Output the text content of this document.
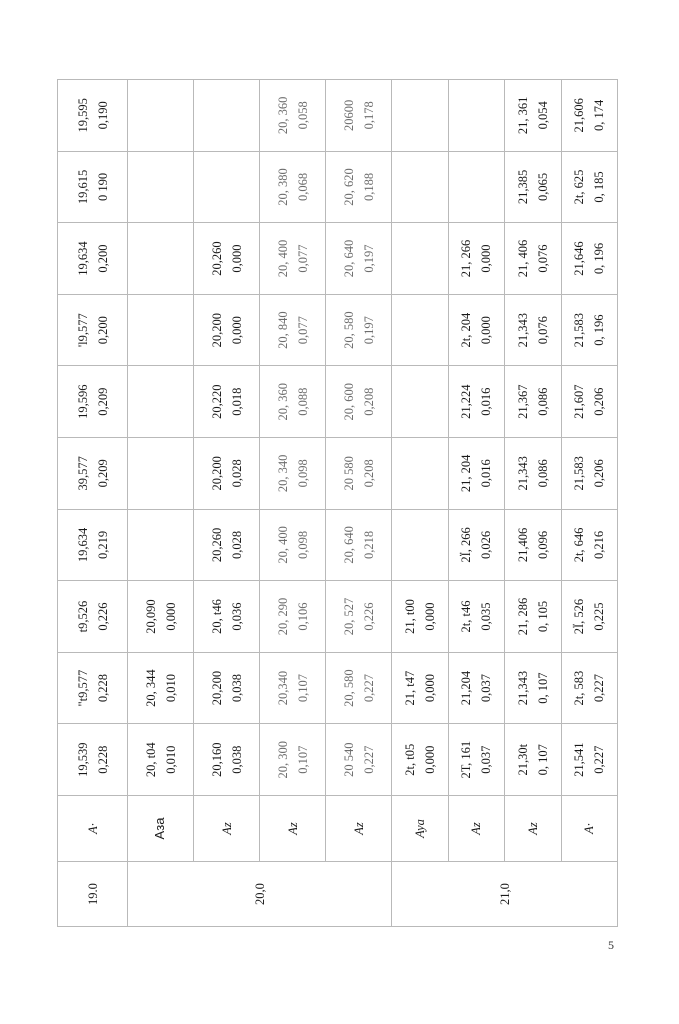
19.0	A·	19,539 0,228	"t9,577 0,228	t9,526 0,226	19,634 0,219	39,577 0,209	19,596 0,209	'l9,577 0,200	19,634 0,200	19,615 0 190	19,595 0,190

20,0	Аза	20, t04 0,010	20, 344 0,010	20,090 0,000							

	Az	20,160 0,038	20,200 0,038	20, t46 0,036	20,260 0,028	20,200 0,028	20,220 0,018	20,200 0,000	20,260 0,000		

	Az	20, 300 0,107	20,340 0,107	20, 290 0,106	20, 400 0,098	20, 340 0,098	20, 360 0,088	20, 840 0,077	20, 400 0,077	20, 380 0,068	20, 360 0,058

	Az	20 540 0,227	20, 580 0,227	20, 527 0,226	20, 640 0,218	20 580 0,208	20, 600 0,208	20, 580 0,197	20, 640 0,197	20, 620 0,188	20600 0,178

21,0	Aya	2t, t05 0,000	21, t47 0,000	21, t00 0,000							

	Az	2Т, 161 0,037	21,204 0,037	2t, t46 0,035	2Ï, 266 0,026	21, 204 0,016	21,224 0,016	2t, 204 0,000	21, 266 0,000		

	Az	21,30t 0, 107	21,343 0, 107	21, 286 0, 105	21,406 0,096	21,343 0,086	21,367 0,086	21,343 0,076	21, 406 0,076	21,385 0,065	21, 361 0,054

	A·	21,541 0,227	2t, 583 0,227	2Ï, 526 0,225	2t, 646 0,216	21,583 0,206	21,607 0,206	21,583 0, 196	21,646 0, 196	2t, 625 0, 185	21,606 0, 174
5
